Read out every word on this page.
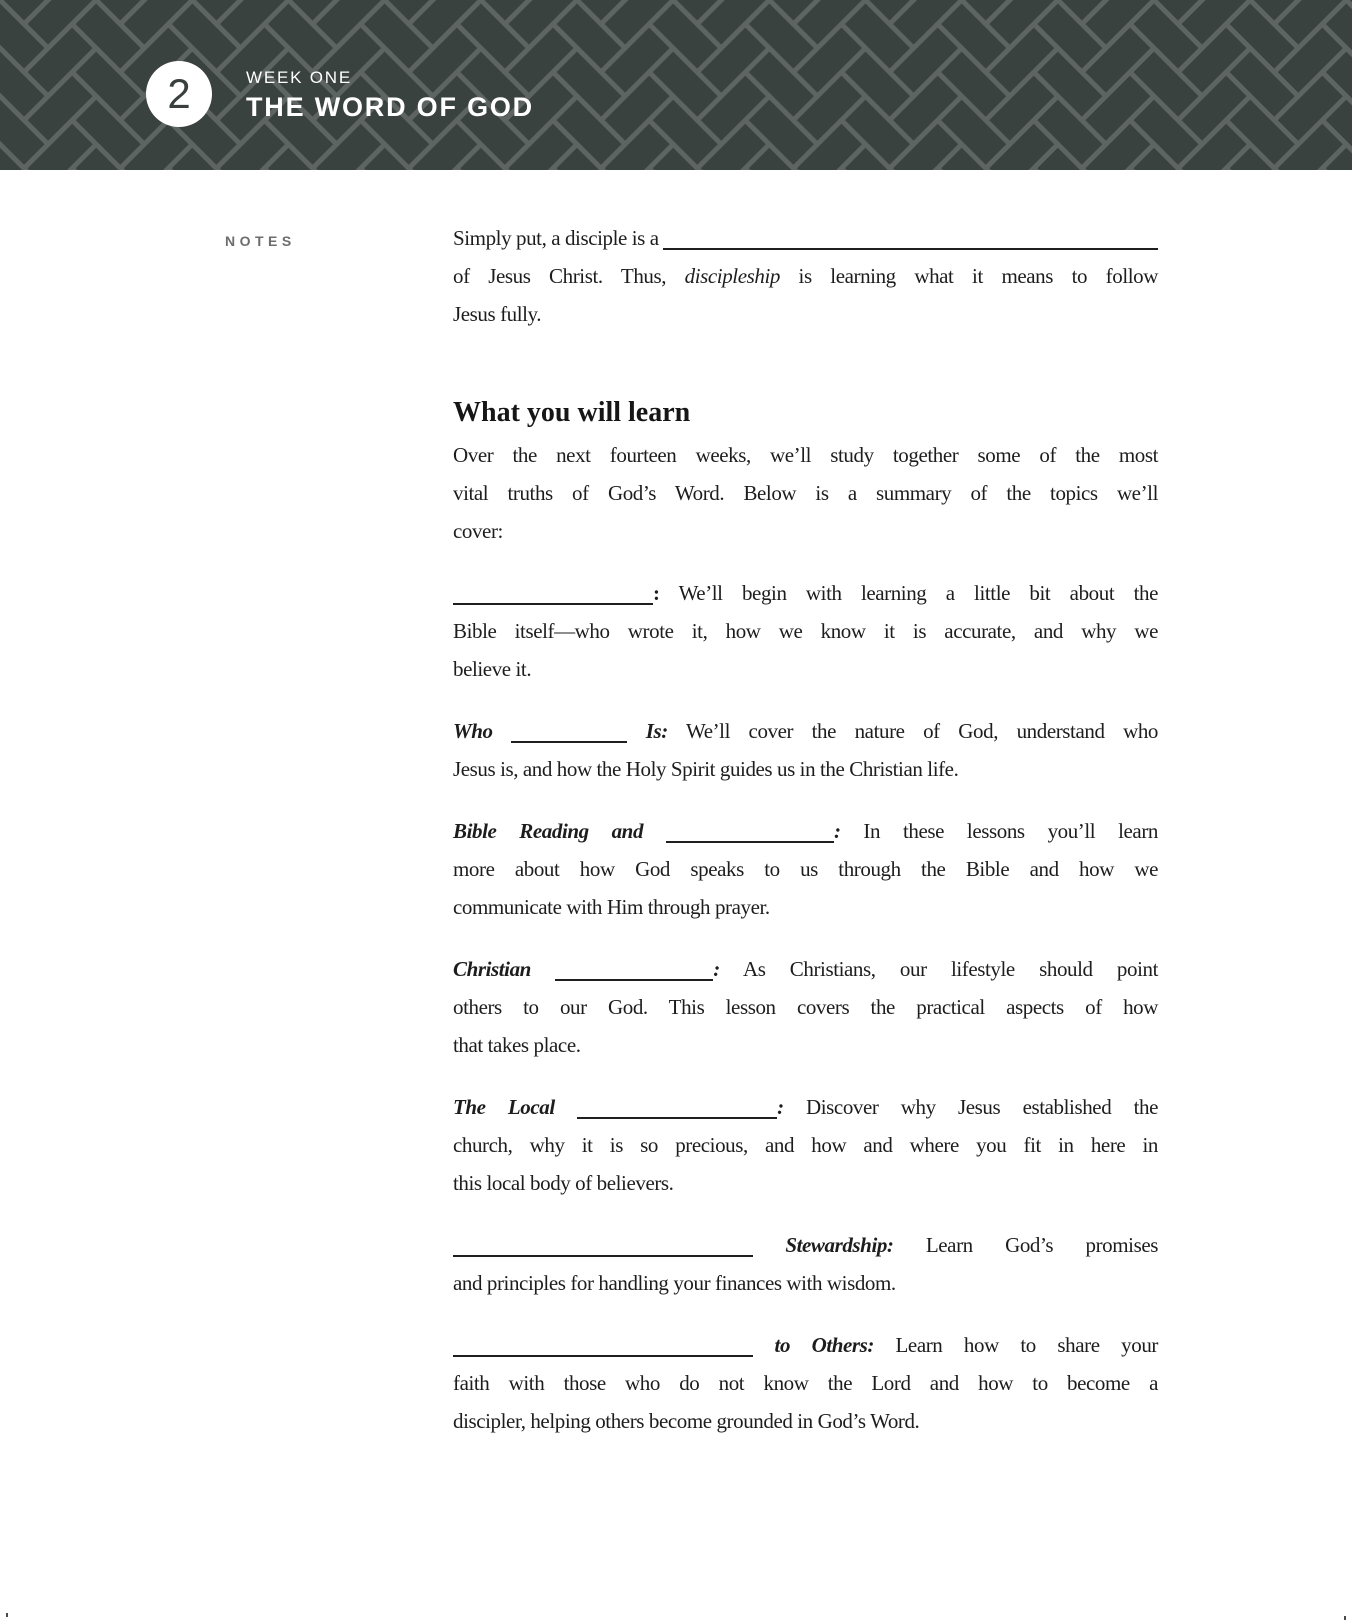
2	WEEK ONE
THE WORD OF GOD
NOTES	Simply put, a disciple is a
of Jesus Christ. Thus, discipleship is learning what it means to follow
Jesus fully.
What you will learn
Over the next fourteen weeks, we’ll study together some of the most
vital truths of God’s Word. Below is a summary of the topics we’ll
cover:
: We’ll begin with learning a little bit about the
Bible itself—who wrote it, how we know it is accurate, and why we
believe it.
Who	Is: We’ll cover the nature of God, understand who
Jesus is, and how the Holy Spirit guides us in the Christian life.
Bible Reading and	: In these lessons you’ll learn
more about how God speaks to us through the Bible and how we
communicate with Him through prayer.
Christian	: As Christians, our lifestyle should point
others to our God. This lesson covers the practical aspects of how
that takes place.
The Local	: Discover why Jesus established the
church, why it is so precious, and how and where you fit in here in
this local body of believers.
Stewardship: Learn God’s promises
and principles for handling your finances with wisdom.
to Others: Learn how to share your
faith with those who do not know the Lord and how to become a
discipler, helping others become grounded in God’s Word.
